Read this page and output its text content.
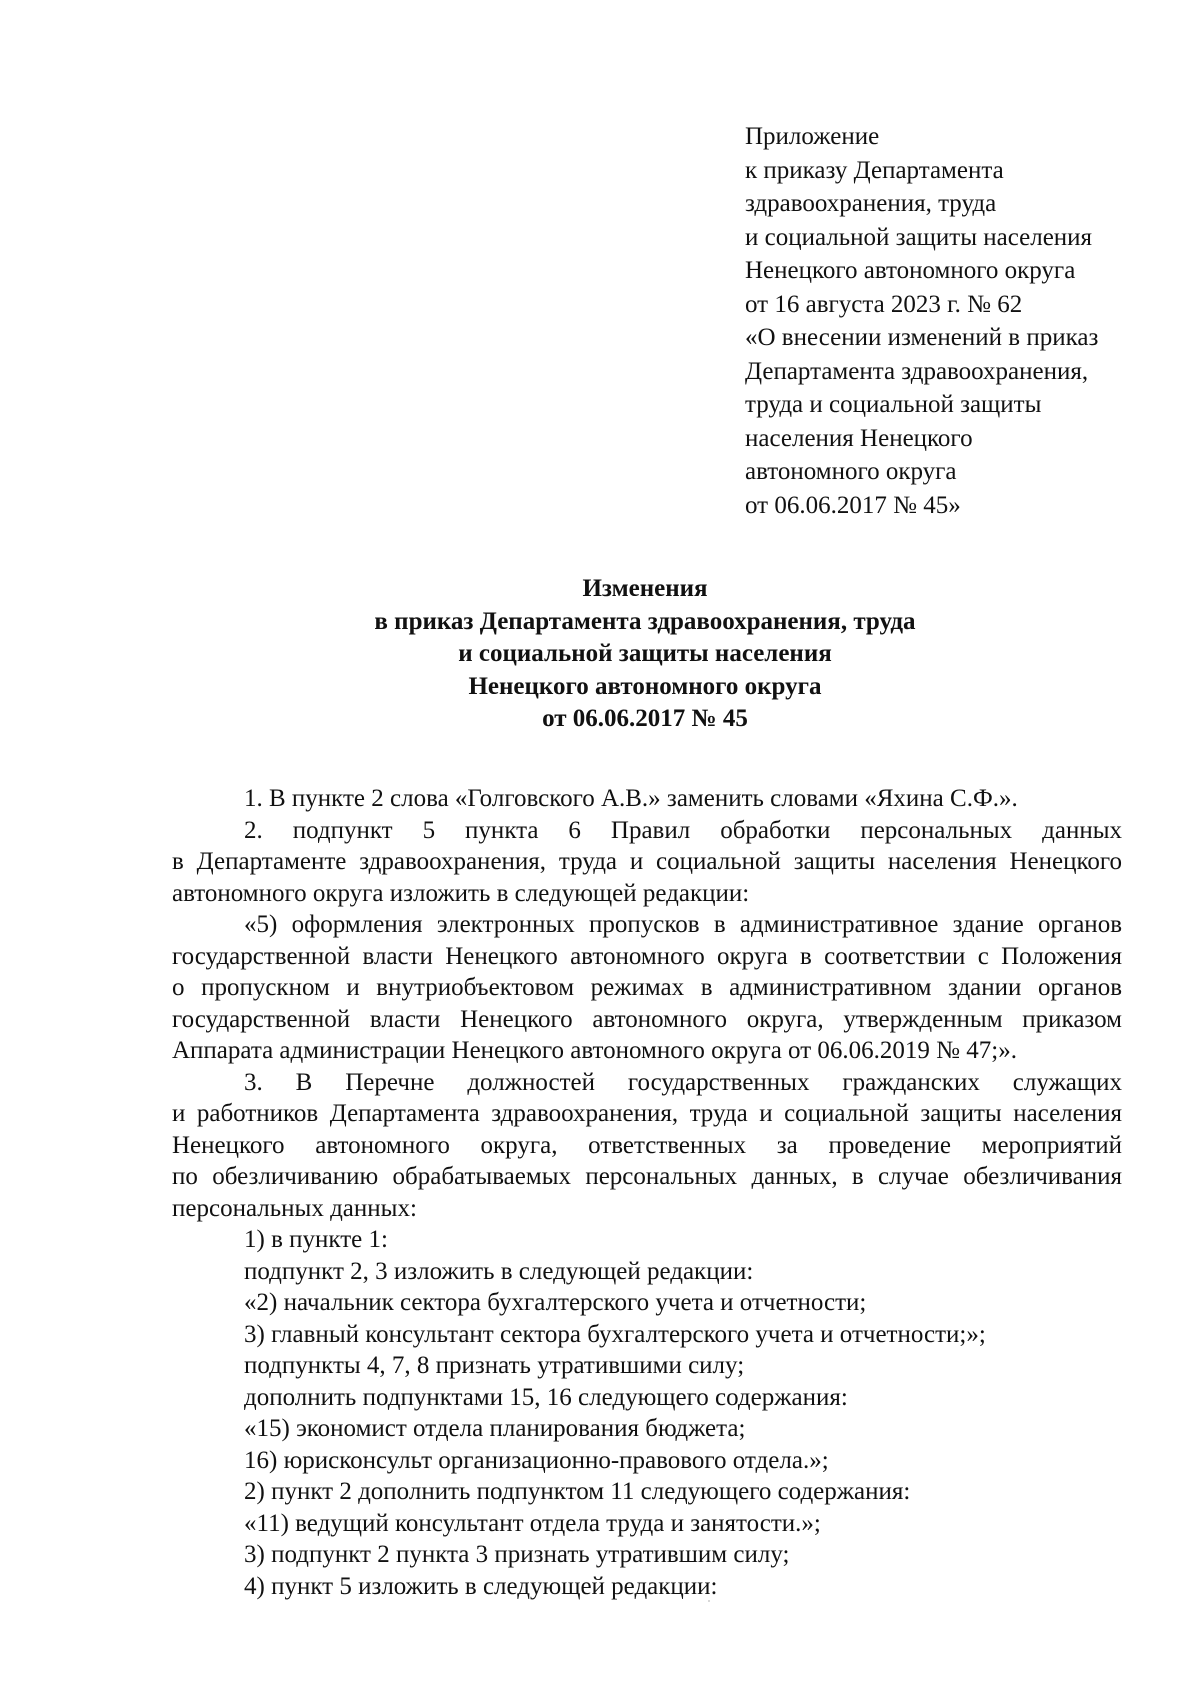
Приложение
к приказу Департамента
здравоохранения, труда
и социальной защиты населения
Ненецкого автономного округа
от 16 августа 2023 г. № 62
«О внесении изменений в приказ
Департамента здравоохранения,
труда и социальной защиты
населения Ненецкого
автономного округа
от 06.06.2017 № 45»
Изменения
в приказ Департамента здравоохранения, труда
и социальной защиты населения
Ненецкого автономного округа
от 06.06.2017 № 45
1. В пункте 2 слова «Голговского А.В.» заменить словами «Яхина С.Ф.».
2. подпункт 5 пункта 6 Правил обработки персональных данных
в Департаменте здравоохранения, труда и социальной защиты населения Ненецкого
автономного округа изложить в следующей редакции:
«5) оформления электронных пропусков в административное здание органов
государственной власти Ненецкого автономного округа в соответствии с Положения
о пропускном и внутриобъектовом режимах в административном здании органов
государственной власти Ненецкого автономного округа, утвержденным приказом
Аппарата администрации Ненецкого автономного округа от 06.06.2019 № 47;».
3. В Перечне должностей государственных гражданских служащих
и работников Департамента здравоохранения, труда и социальной защиты населения
Ненецкого автономного округа, ответственных за проведение мероприятий
по обезличиванию обрабатываемых персональных данных, в случае обезличивания
персональных данных:
1) в пункте 1:
подпункт 2, 3 изложить в следующей редакции:
«2) начальник сектора бухгалтерского учета и отчетности;
3) главный консультант сектора бухгалтерского учета и отчетности;»;
подпункты 4, 7, 8 признать утратившими силу;
дополнить подпунктами 15, 16 следующего содержания:
«15) экономист отдела планирования бюджета;
16) юрисконсульт организационно-правового отдела.»;
2) пункт 2 дополнить подпунктом 11 следующего содержания:
«11) ведущий консультант отдела труда и занятости.»;
3) подпункт 2 пункта 3 признать утратившим силу;
4) пункт 5 изложить в следующей редакции:
